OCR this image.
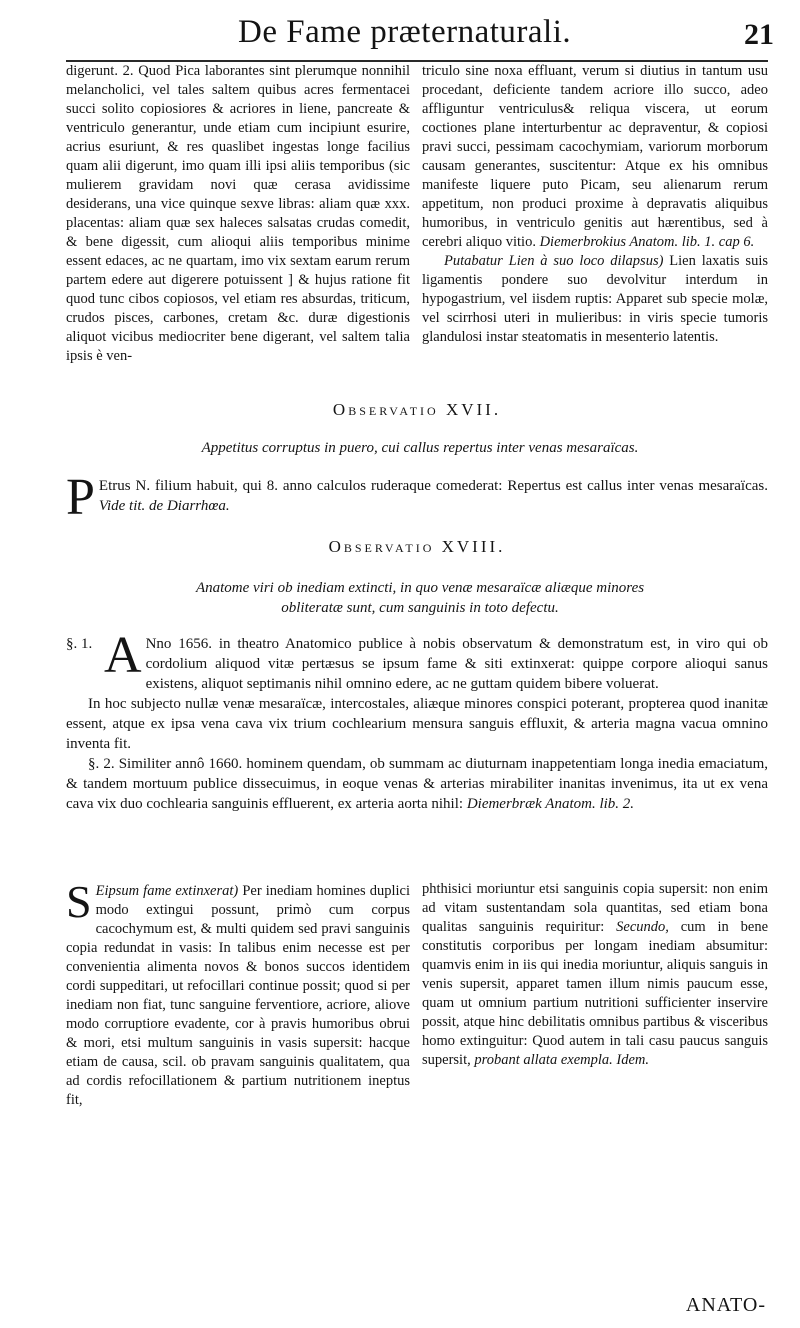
De Fame præternaturali.	21

digerunt. 2. Quod Pica laborantes sint plerumque nonnihil melancholici, vel tales saltem quibus acres fermentacei succi solito copiosiores & acriores in liene, pancreate & ventriculo generantur, unde etiam cum incipiunt esurire, acrius esuriunt, & res quaslibet ingestas longe facilius quam alii digerunt, imo quam illi ipsi aliis temporibus (sic mulierem gravidam novi quæ cerasa avidissime desiderans, una vice quinque sexve libras: aliam quæ xxx. placentas: aliam quæ sex haleces salsatas crudas comedit, & bene digessit, cum alioqui aliis temporibus minime essent edaces, ac ne quartam, imo vix sextam earum rerum partem edere aut digerere potuissent ] & hujus ratione fit quod tunc cibos copiosos, vel etiam res absurdas, triticum, crudos pisces, carbones, cretam &c. duræ digestionis aliquot vicibus mediocriter bene digerant, vel saltem talia ipsis è ven-

triculo sine noxa effluant, verum si diutius in tantum usu procedant, deficiente tandem acriore illo succo, adeo affliguntur ventriculus& reliqua viscera, ut eorum coctiones plane interturbentur ac depraventur, & copiosi pravi succi, pessimam cacochymiam, variorum morborum causam generantes, suscitentur: Atque ex his omnibus manifeste liquere puto Picam, seu alienarum rerum appetitum, non produci proxime à depravatis aliquibus humoribus, in ventriculo genitis aut hærentibus, sed à cerebri aliquo vitio. Diemerbrokius Anatom. lib. 1. cap 6.

Putabatur Lien à suo loco dilapsus) Lien laxatis suis ligamentis pondere suo devolvitur interdum in hypogastrium, vel iisdem ruptis: Apparet sub specie molæ, vel scirrhosi uteri in mulieribus: in viris specie tumoris glandulosi instar steatomatis in mesenterio latentis.

Observatio XVII.
Appetitus corruptus in puero, cui callus repertus inter venas mesaraïcas.
P Etrus N. filium habuit, qui 8. anno calculos ruderaque comederat: Repertus est callus inter venas mesaraïcas. Vide tit. de Diarrhœa.
Observatio XVIII.
Anatome viri ob inediam extincti, in quo venæ mesaraïcæ aliæque minores
obliteratæ sunt, cum sanguinis in toto defectu.

§. 1. A Nno 1656. in theatro Anatomico publice à nobis observatum & demonstratum est, in viro qui ob cordolium aliquod vitæ pertæsus se ipsum fame & siti extinxerat: quippe corpore alioqui sanus existens, aliquot septimanis nihil omnino edere, ac ne guttam quidem bibere voluerat.

In hoc subjecto nullæ venæ mesaraïcæ, intercostales, aliæque minores conspici poterant, propterea quod inanitæ essent, atque ex ipsa vena cava vix trium cochlearium mensura sanguis effluxit, & arteria magna vacua omnino inventa fit.

§. 2. Similiter annô 1660. hominem quendam, ob summam ac diuturnam inappetentiam longa inedia emaciatum, & tandem mortuum publice dissecuimus, in eoque venas & arterias mirabiliter inanitas invenimus, ita ut ex vena cava vix duo cochlearia sanguinis effluerent, ex arteria aorta nihil: Diemerbræk Anatom. lib. 2.

S Eipsum fame extinxerat) Per inediam homines duplici modo extingui possunt, primò cum corpus cacochymum est, & multi quidem sed pravi sanguinis copia redundat in vasis: In talibus enim necesse est per convenientia alimenta novos & bonos succos identidem cordi suppeditari, ut refocillari continue possit; quod si per inediam non fiat, tunc sanguine ferventiore, acriore, aliove modo corruptiore evadente, cor à pravis humoribus obrui & mori, etsi multum sanguinis in vasis supersit: hacque etiam de causa, scil. ob pravam sanguinis qualitatem, qua ad cordis refocillationem & partium nutritionem ineptus fit,

phthisici moriuntur etsi sanguinis copia supersit: non enim ad vitam sustentandam sola quantitas, sed etiam bona qualitas sanguinis requiritur: Secundo, cum in bene constitutis corporibus per longam inediam absumitur: quamvis enim in iis qui inedia moriuntur, aliquis sanguis in venis supersit, apparet tamen illum nimis paucum esse, quam ut omnium partium nutritioni sufficienter inservire possit, atque hinc debilitatis omnibus partibus & visceribus homo extinguitur: Quod autem in tali casu paucus sanguis supersit, probant allata exempla. Idem.

ANATO-
